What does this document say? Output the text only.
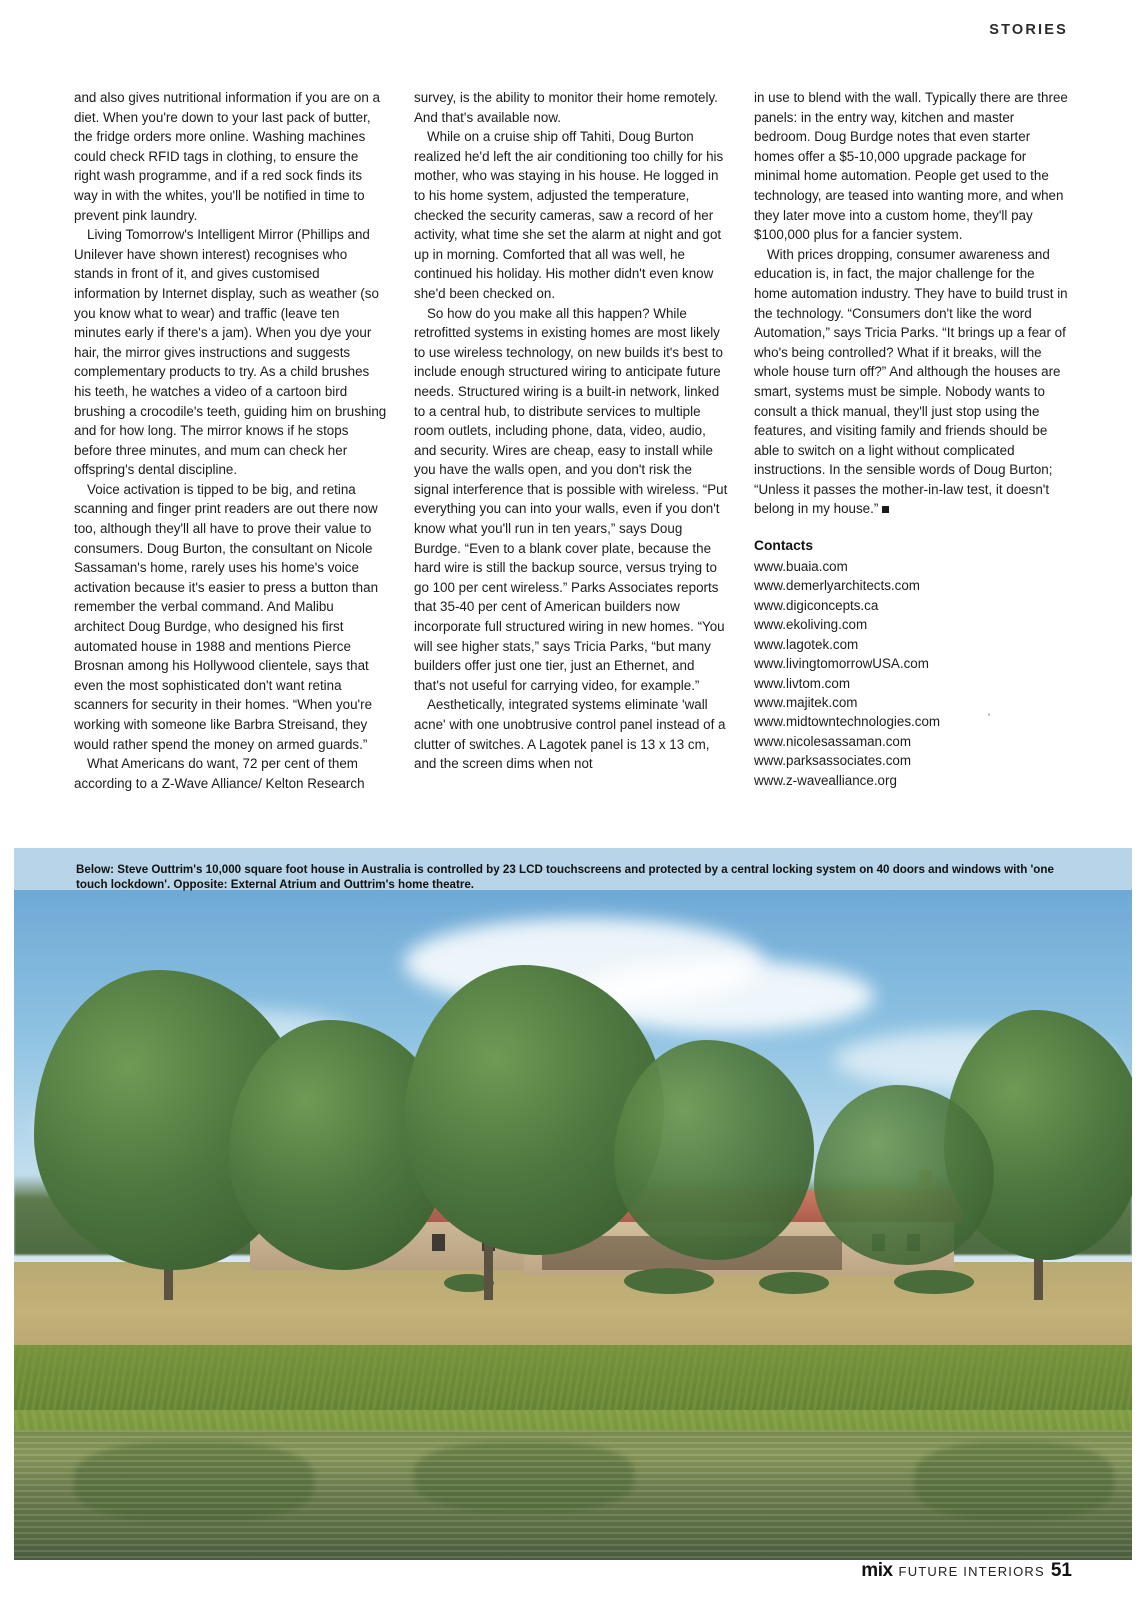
STORIES

and also gives nutritional information if you are on a diet. When you're down to your last pack of butter, the fridge orders more online. Washing machines could check RFID tags in clothing, to ensure the right wash programme, and if a red sock finds its way in with the whites, you'll be notified in time to prevent pink laundry.

Living Tomorrow's Intelligent Mirror (Phillips and Unilever have shown interest) recognises who stands in front of it, and gives customised information by Internet display, such as weather (so you know what to wear) and traffic (leave ten minutes early if there's a jam). When you dye your hair, the mirror gives instructions and suggests complementary products to try. As a child brushes his teeth, he watches a video of a cartoon bird brushing a crocodile's teeth, guiding him on brushing and for how long. The mirror knows if he stops before three minutes, and mum can check her offspring's dental discipline.

Voice activation is tipped to be big, and retina scanning and finger print readers are out there now too, although they'll all have to prove their value to consumers. Doug Burton, the consultant on Nicole Sassaman's home, rarely uses his home's voice activation because it's easier to press a button than remember the verbal command. And Malibu architect Doug Burdge, who designed his first automated house in 1988 and mentions Pierce Brosnan among his Hollywood clientele, says that even the most sophisticated don't want retina scanners for security in their homes. “When you're working with someone like Barbra Streisand, they would rather spend the money on armed guards.”

What Americans do want, 72 per cent of them according to a Z-Wave Alliance/ Kelton Research

survey, is the ability to monitor their home remotely. And that's available now.

While on a cruise ship off Tahiti, Doug Burton realized he'd left the air conditioning too chilly for his mother, who was staying in his house. He logged in to his home system, adjusted the temperature, checked the security cameras, saw a record of her activity, what time she set the alarm at night and got up in morning. Comforted that all was well, he continued his holiday. His mother didn't even know she'd been checked on.

So how do you make all this happen? While retrofitted systems in existing homes are most likely to use wireless technology, on new builds it's best to include enough structured wiring to anticipate future needs. Structured wiring is a built-in network, linked to a central hub, to distribute services to multiple room outlets, including phone, data, video, audio, and security. Wires are cheap, easy to install while you have the walls open, and you don't risk the signal interference that is possible with wireless. “Put everything you can into your walls, even if you don't know what you'll run in ten years,” says Doug Burdge. “Even to a blank cover plate, because the hard wire is still the backup source, versus trying to go 100 per cent wireless.” Parks Associates reports that 35-40 per cent of American builders now incorporate full structured wiring in new homes. “You will see higher stats,” says Tricia Parks, “but many builders offer just one tier, just an Ethernet, and that's not useful for carrying video, for example.”

Aesthetically, integrated systems eliminate 'wall acne' with one unobtrusive control panel instead of a clutter of switches. A Lagotek panel is 13 x 13 cm, and the screen dims when not

in use to blend with the wall. Typically there are three panels: in the entry way, kitchen and master bedroom. Doug Burdge notes that even starter homes offer a $5-10,000 upgrade package for minimal home automation. People get used to the technology, are teased into wanting more, and when they later move into a custom home, they'll pay $100,000 plus for a fancier system.

With prices dropping, consumer awareness and education is, in fact, the major challenge for the home automation industry. They have to build trust in the technology. “Consumers don't like the word Automation,” says Tricia Parks. “It brings up a fear of who's being controlled? What if it breaks, will the whole house turn off?” And although the houses are smart, systems must be simple. Nobody wants to consult a thick manual, they'll just stop using the features, and visiting family and friends should be able to switch on a light without complicated instructions. In the sensible words of Doug Burton; “Unless it passes the mother-in-law test, it doesn't belong in my house.”

Contacts
www.buaia.com
www.demerlyarchitects.com
www.digiconcepts.ca
www.ekoliving.com
www.lagotek.com
www.livingtomorrowUSA.com
www.livtom.com
www.majitek.com
www.midtowntechnologies.com
www.nicolesassaman.com
www.parksassociates.com
www.z-wavealliance.org
'
Below: Steve Outtrim's 10,000 square foot house in Australia is controlled by 23 LCD touchscreens and protected by a central locking system on 40 doors and windows with 'one touch lockdown'. Opposite: External Atrium and Outtrim's home theatre.
mix FUTURE INTERIORS 51
